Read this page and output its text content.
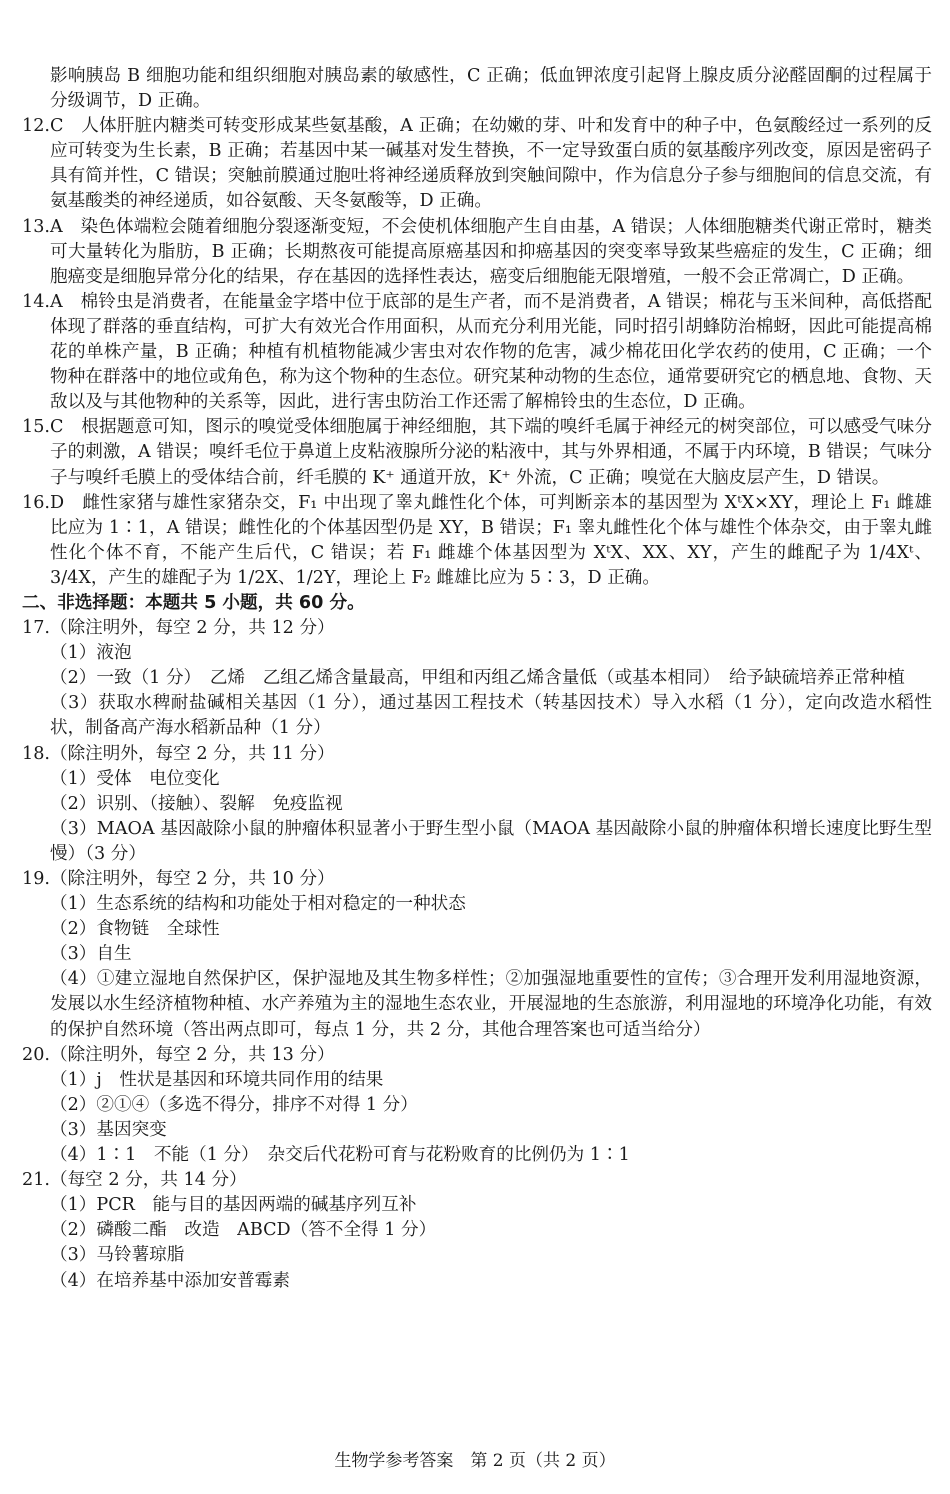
影响胰岛 B 细胞功能和组织细胞对胰岛素的敏感性，C 正确；低血钾浓度引起肾上腺皮质分泌醛固酮的过程属于分级调节，D 正确。

12.C　人体肝脏内糖类可转变形成某些氨基酸，A 正确；在幼嫩的芽、叶和发育中的种子中，色氨酸经过一系列的反应可转变为生长素，B 正确；若基因中某一碱基对发生替换，不一定导致蛋白质的氨基酸序列改变，原因是密码子具有简并性，C 错误；突触前膜通过胞吐将神经递质释放到突触间隙中，作为信息分子参与细胞间的信息交流，有氨基酸类的神经递质，如谷氨酸、天冬氨酸等，D 正确。

13.A　染色体端粒会随着细胞分裂逐渐变短，不会使机体细胞产生自由基，A 错误；人体细胞糖类代谢正常时，糖类可大量转化为脂肪，B 正确；长期熬夜可能提高原癌基因和抑癌基因的突变率导致某些癌症的发生，C 正确；细胞癌变是细胞异常分化的结果，存在基因的选择性表达，癌变后细胞能无限增殖，一般不会正常凋亡，D 正确。

14.A　棉铃虫是消费者，在能量金字塔中位于底部的是生产者，而不是消费者，A 错误；棉花与玉米间种，高低搭配体现了群落的垂直结构，可扩大有效光合作用面积，从而充分利用光能，同时招引胡蜂防治棉蚜，因此可能提高棉花的单株产量，B 正确；种植有机植物能减少害虫对农作物的危害，减少棉花田化学农药的使用，C 正确；一个物种在群落中的地位或角色，称为这个物种的生态位。研究某种动物的生态位，通常要研究它的栖息地、食物、天敌以及与其他物种的关系等，因此，进行害虫防治工作还需了解棉铃虫的生态位，D 正确。

15.C　根据题意可知，图示的嗅觉受体细胞属于神经细胞，其下端的嗅纤毛属于神经元的树突部位，可以感受气味分子的刺激，A 错误；嗅纤毛位于鼻道上皮粘液腺所分泌的粘液中，其与外界相通，不属于内环境，B 错误；气味分子与嗅纤毛膜上的受体结合前，纤毛膜的 K⁺ 通道开放，K⁺ 外流，C 正确；嗅觉在大脑皮层产生，D 错误。

16.D　雌性家猪与雄性家猪杂交，F₁ 中出现了睾丸雌性化个体，可判断亲本的基因型为 XᵗX×XY，理论上 F₁ 雌雄比应为 1∶1，A 错误；雌性化的个体基因型仍是 XY，B 错误；F₁ 睾丸雌性化个体与雄性个体杂交，由于睾丸雌性化个体不育，不能产生后代，C 错误；若 F₁ 雌雄个体基因型为 XᵗX、XX、XY，产生的雌配子为 1/4Xᵗ、3/4X，产生的雄配子为 1/2X、1/2Y，理论上 F₂ 雌雄比应为 5∶3，D 正确。

二、非选择题：本题共 5 小题，共 60 分。

17.（除注明外，每空 2 分，共 12 分）

（1）液泡

（2）一致（1 分）　乙烯　乙组乙烯含量最高，甲组和丙组乙烯含量低（或基本相同）　给予缺硫培养正常种植

（3）获取水稗耐盐碱相关基因（1 分），通过基因工程技术（转基因技术）导入水稻（1 分），定向改造水稻性状，制备高产海水稻新品种（1 分）

18.（除注明外，每空 2 分，共 11 分）

（1）受体　电位变化

（2）识别、（接触）、裂解　免疫监视

（3）MAOA 基因敲除小鼠的肿瘤体积显著小于野生型小鼠（MAOA 基因敲除小鼠的肿瘤体积增长速度比野生型慢）（3 分）

19.（除注明外，每空 2 分，共 10 分）

（1）生态系统的结构和功能处于相对稳定的一种状态

（2）食物链　全球性

（3）自生

（4）①建立湿地自然保护区，保护湿地及其生物多样性；②加强湿地重要性的宣传；③合理开发利用湿地资源，发展以水生经济植物种植、水产养殖为主的湿地生态农业，开展湿地的生态旅游，利用湿地的环境净化功能，有效的保护自然环境（答出两点即可，每点 1 分，共 2 分，其他合理答案也可适当给分）

20.（除注明外，每空 2 分，共 13 分）

（1）j　性状是基因和环境共同作用的结果

（2）②①④（多选不得分，排序不对得 1 分）

（3）基因突变

（4）1∶1　不能（1 分）　杂交后代花粉可育与花粉败育的比例仍为 1∶1

21.（每空 2 分，共 14 分）

（1）PCR　能与目的基因两端的碱基序列互补

（2）磷酸二酯　改造　ABCD（答不全得 1 分）

（3）马铃薯琼脂

（4）在培养基中添加安普霉素

生物学参考答案　第 2 页（共 2 页）
